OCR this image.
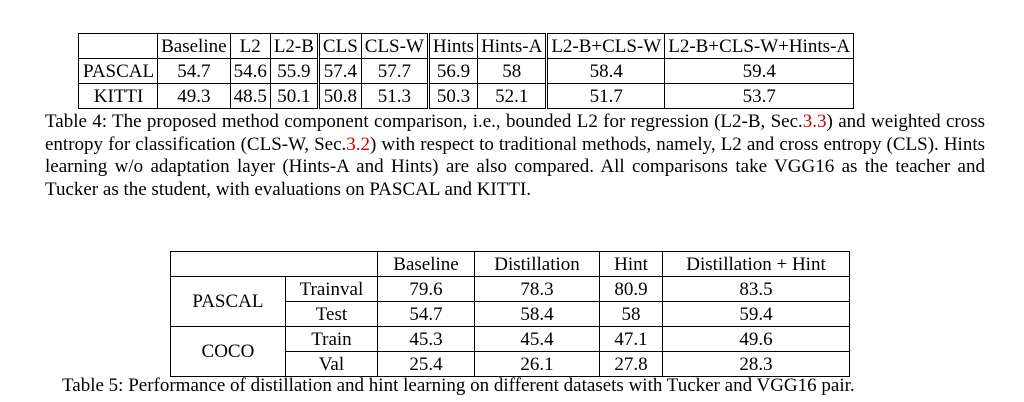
	Baseline	L2	L2-B	CLS	CLS-W	Hints	Hints-A	L2-B+CLS-W	L2-B+CLS-W+Hints-A
PASCAL	54.7	54.6	55.9	57.4	57.7	56.9	58	58.4	59.4
KITTI	49.3	48.5	50.1	50.8	51.3	50.3	52.1	51.7	53.7
Table 4: The proposed method component comparison, i.e., bounded L2 for regression (L2-B, Sec.3.3) and weighted cross entropy for classification (CLS-W, Sec.3.2) with respect to traditional methods, namely, L2 and cross entropy (CLS). Hints learning w/o adaptation layer (Hints-A and Hints) are also compared. All comparisons take VGG16 as the teacher and Tucker as the student, with evaluations on PASCAL and KITTI.
		Baseline	Distillation	Hint	Distillation + Hint
PASCAL	Trainval	79.6	78.3	80.9	83.5
	Test	54.7	58.4	58	59.4
COCO	Train	45.3	45.4	47.1	49.6
	Val	25.4	26.1	27.8	28.3
Table 5: Performance of distillation and hint learning on different datasets with Tucker and VGG16 pair.
